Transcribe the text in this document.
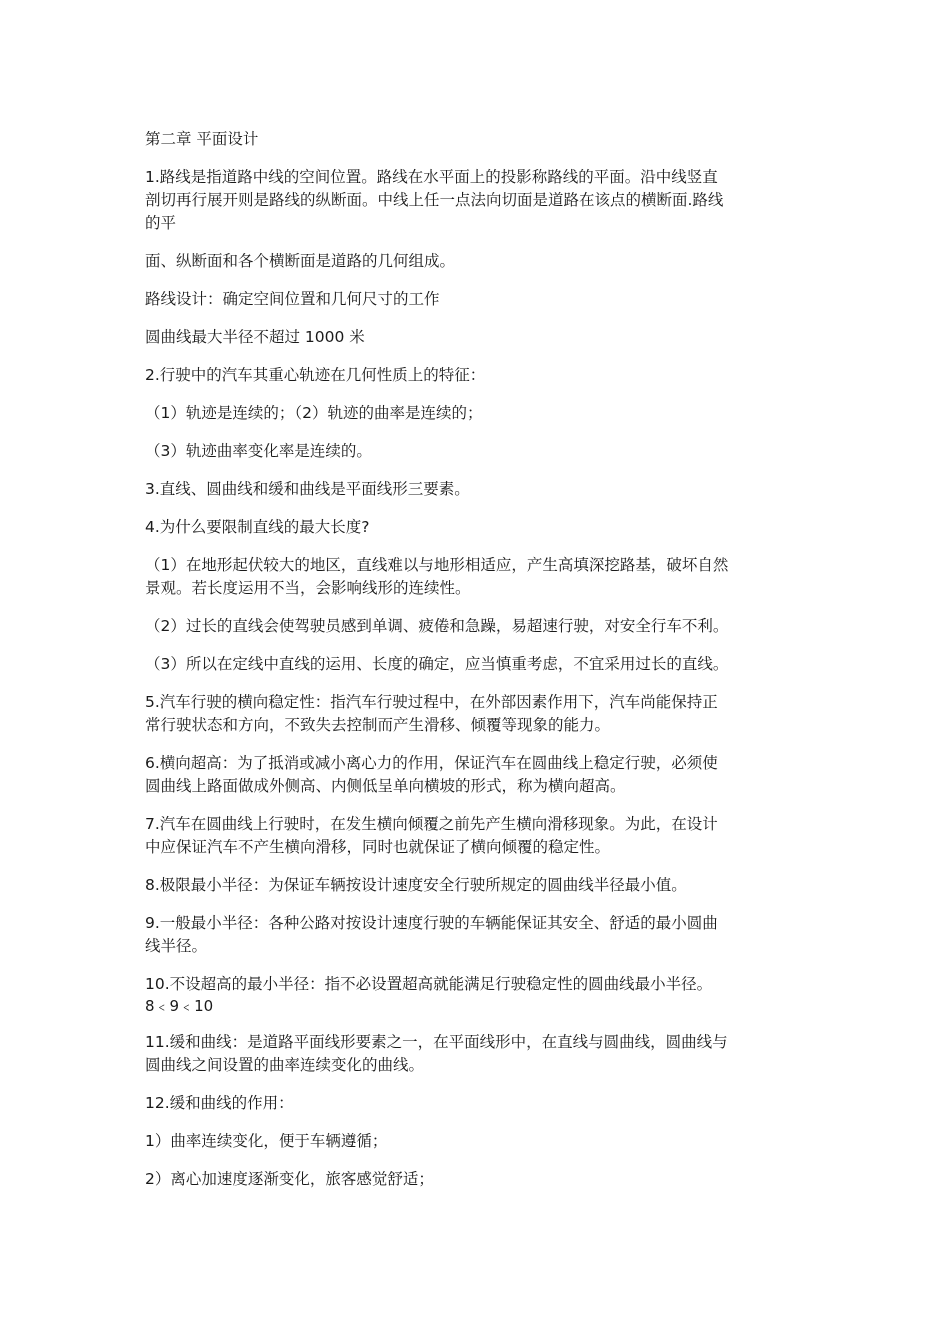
第二章 平面设计

1.路线是指道路中线的空间位置。路线在水平面上的投影称路线的平面。沿中线竖直
剖切再行展开则是路线的纵断面。中线上任一点法向切面是道路在该点的横断面.路线
的平

面、纵断面和各个横断面是道路的几何组成。

路线设计：确定空间位置和几何尺寸的工作

圆曲线最大半径不超过 1000 米

2.行驶中的汽车其重心轨迹在几何性质上的特征：

（1）轨迹是连续的；（2）轨迹的曲率是连续的；

（3）轨迹曲率变化率是连续的。

3.直线、圆曲线和缓和曲线是平面线形三要素。

4.为什么要限制直线的最大长度?

（1）在地形起伏较大的地区，直线难以与地形相适应，产生高填深挖路基，破坏自然
景观。若长度运用不当，会影响线形的连续性。

（2）过长的直线会使驾驶员感到单调、疲倦和急躁，易超速行驶，对安全行车不利。

（3）所以在定线中直线的运用、长度的确定，应当慎重考虑，不宜采用过长的直线。

5.汽车行驶的横向稳定性：指汽车行驶过程中，在外部因素作用下，汽车尚能保持正
常行驶状态和方向，不致失去控制而产生滑移、倾覆等现象的能力。

6.横向超高：为了抵消或减小离心力的作用，保证汽车在圆曲线上稳定行驶，必须使
圆曲线上路面做成外侧高、内侧低呈单向横坡的形式，称为横向超高。

7.汽车在圆曲线上行驶时，在发生横向倾覆之前先产生横向滑移现象。为此，在设计
中应保证汽车不产生横向滑移，同时也就保证了横向倾覆的稳定性。

8.极限最小半径：为保证车辆按设计速度安全行驶所规定的圆曲线半径最小值。

9.一般最小半径：各种公路对按设计速度行驶的车辆能保证其安全、舒适的最小圆曲
线半径。

10.不设超高的最小半径：指不必设置超高就能满足行驶稳定性的圆曲线最小半径。
8﹤9﹤10

11.缓和曲线：是道路平面线形要素之一，在平面线形中，在直线与圆曲线，圆曲线与
圆曲线之间设置的曲率连续变化的曲线。

12.缓和曲线的作用：

1）曲率连续变化，便于车辆遵循；

2）离心加速度逐渐变化，旅客感觉舒适；
